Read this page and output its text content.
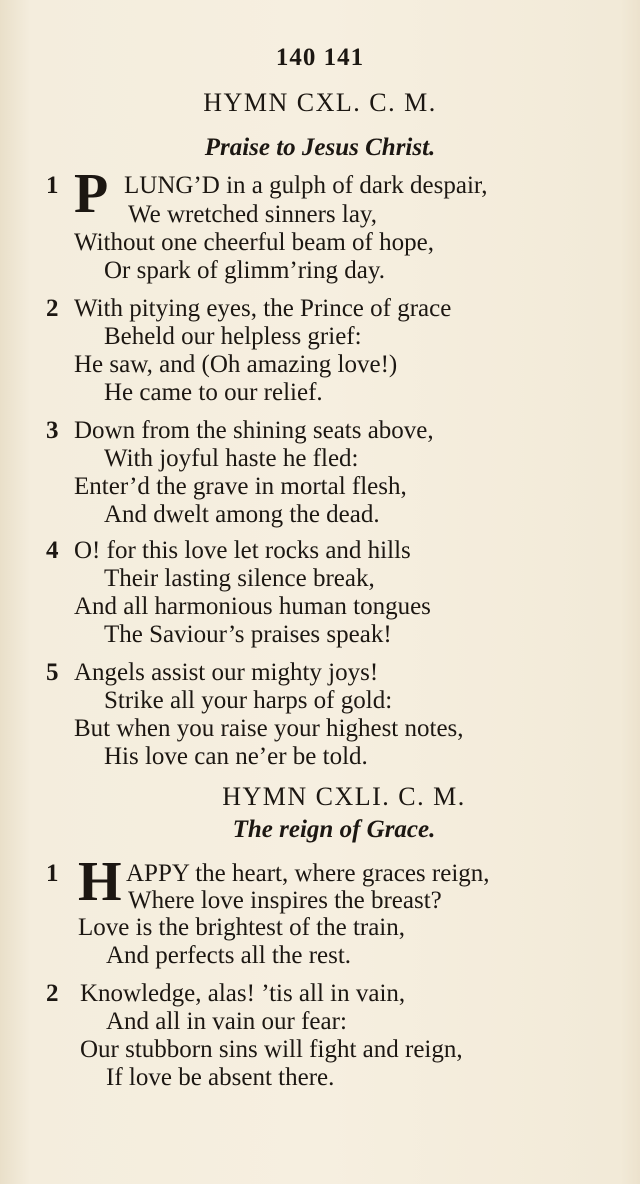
140 141
HYMN CXL. C. M.
Praise to Jesus Christ.
1 P LUNG’D in a gulph of dark despair,
We wretched sinners lay,
Without one cheerful beam of hope,
Or spark of glimm’ring day.
2 With pitying eyes, the Prince of grace
Beheld our helpless grief:
He saw, and (Oh amazing love!)
He came to our relief.
3 Down from the shining seats above,
With joyful haste he fled:
Enter’d the grave in mortal flesh,
And dwelt among the dead.
4 O! for this love let rocks and hills
Their lasting silence break,
And all harmonious human tongues
The Saviour’s praises speak!
5 Angels assist our mighty joys!
Strike all your harps of gold:
But when you raise your highest notes,
His love can ne’er be told.
HYMN CXLI. C. M.
The reign of Grace.
1 H APPY the heart, where graces reign,
Where love inspires the breast?
Love is the brightest of the train,
And perfects all the rest.
2 Knowledge, alas! ’tis all in vain,
And all in vain our fear:
Our stubborn sins will fight and reign,
If love be absent there.
